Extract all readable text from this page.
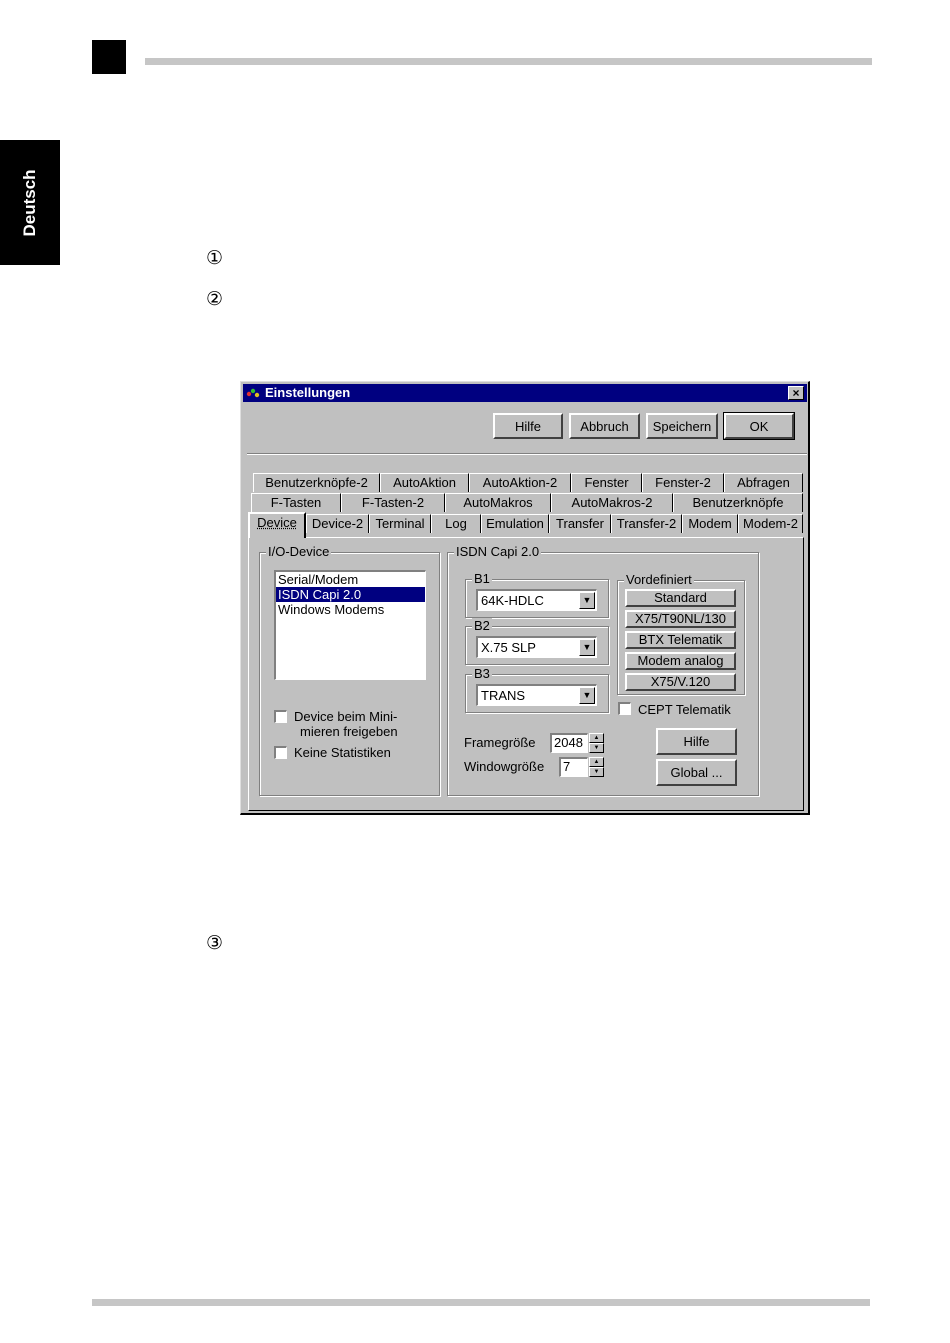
Deutsch
①
②
③
Einstellungen	×
Hilfe	Abbruch	Speichern	OK
Benutzerknöpfe-2	AutoAktion	AutoAktion-2	Fenster	Fenster-2	Abfragen
F-Tasten	F-Tasten-2	AutoMakros	AutoMakros-2	Benutzerknöpfe
Device	Device-2 Terminal	Log	Emulation Transfer Transfer-2 Modem Modem-2
I/O-Device
Serial/Modem
ISDN Capi 2.0
Windows Modems
Device beim Mini-
mieren freigeben
Keine Statistiken
ISDN Capi 2.0
B1
64K-HDLC	▼
B2
X.75 SLP	▼
B3
TRANS	▼
Vordefiniert
Standard
X75/T90NL/130
BTX Telematik
Modem analog
X75/V.120
CEPT Telematik
Framegröße	2048	▲
▼
Windowgröße	7	▲
▼
Hilfe
Global ...
